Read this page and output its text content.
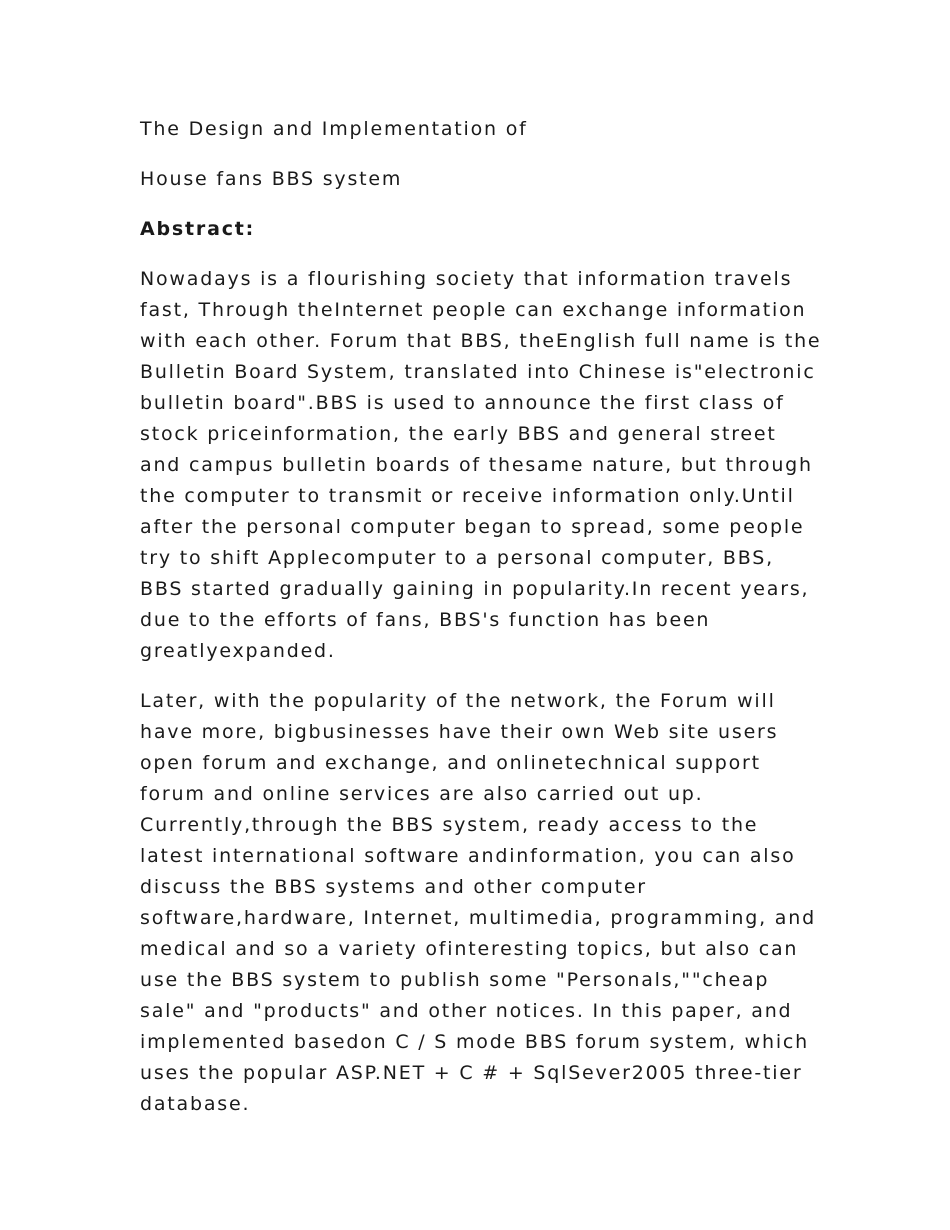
The Design and Implementation of

House fans BBS system

Abstract:

Nowadays is a flourishing society that information travels
fast, Through theInternet people can exchange information
with each other. Forum that BBS, theEnglish full name is the
Bulletin Board System, translated into Chinese is"electronic
bulletin board".BBS is used to announce the first class of
stock priceinformation, the early BBS and general street
and campus bulletin boards of thesame nature, but through
the computer to transmit or receive information only.Until
after the personal computer began to spread, some people
try to shift Applecomputer to a personal computer, BBS,
BBS started gradually gaining in popularity.In recent years,
due to the efforts of fans, BBS's function has been
greatlyexpanded.

Later, with the popularity of the network, the Forum will
have more, bigbusinesses have their own Web site users
open forum and exchange, and onlinetechnical support
forum and online services are also carried out up.
Currently,through the BBS system, ready access to the
latest international software andinformation, you can also
discuss the BBS systems and other computer
software,hardware, Internet, multimedia, programming, and
medical and so a variety ofinteresting topics, but also can
use the BBS system to publish some "Personals,""cheap
sale" and "products" and other notices. In this paper, and
implemented basedon C / S mode BBS forum system, which
uses the popular ASP.NET + C # + SqlSever2005 three-tier
database.
